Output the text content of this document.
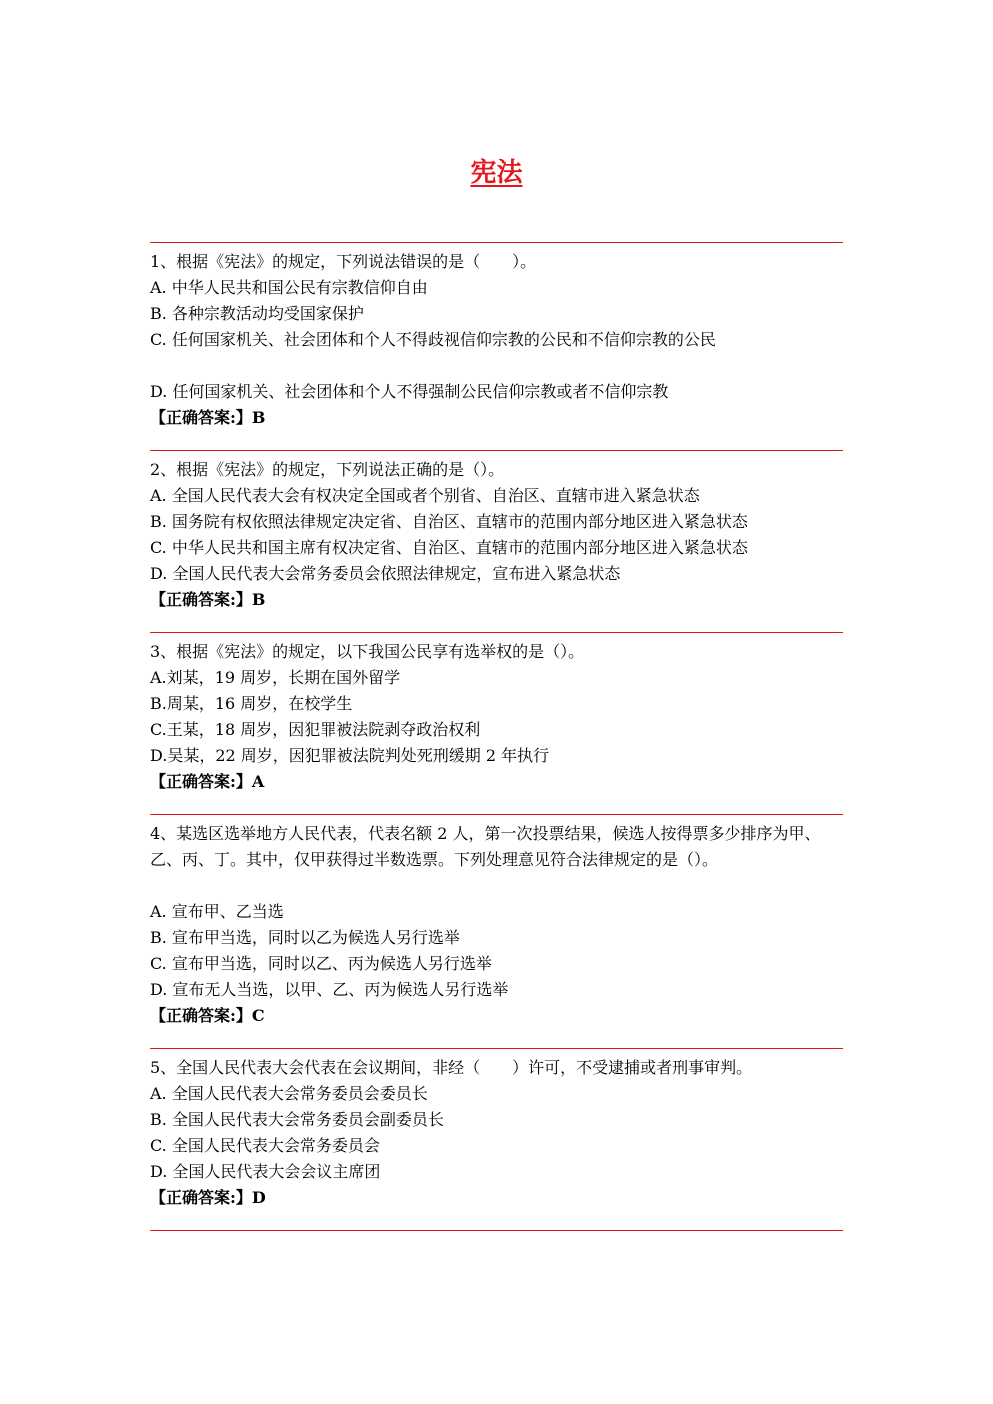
宪法
1、根据《宪法》的规定，下列说法错误的是（　　）。
A. 中华人民共和国公民有宗教信仰自由
B. 各种宗教活动均受国家保护
C. 任何国家机关、社会团体和个人不得歧视信仰宗教的公民和不信仰宗教的公民
D. 任何国家机关、社会团体和个人不得强制公民信仰宗教或者不信仰宗教
【正确答案:】B
2、根据《宪法》的规定，下列说法正确的是（）。
A. 全国人民代表大会有权决定全国或者个别省、自治区、直辖市进入紧急状态
B. 国务院有权依照法律规定决定省、自治区、直辖市的范围内部分地区进入紧急状态
C. 中华人民共和国主席有权决定省、自治区、直辖市的范围内部分地区进入紧急状态
D. 全国人民代表大会常务委员会依照法律规定，宣布进入紧急状态
【正确答案:】B
3、根据《宪法》的规定，以下我国公民享有选举权的是（）。
A.刘某，19 周岁，长期在国外留学
B.周某，16 周岁，在校学生
C.王某，18 周岁，因犯罪被法院剥夺政治权利
D.吴某，22 周岁，因犯罪被法院判处死刑缓期 2 年执行
【正确答案:】A
4、某选区选举地方人民代表，代表名额 2 人，第一次投票结果，候选人按得票多少排序为甲、乙、丙、丁。其中，仅甲获得过半数选票。下列处理意见符合法律规定的是（）。
A. 宣布甲、乙当选
B. 宣布甲当选，同时以乙为候选人另行选举
C. 宣布甲当选，同时以乙、丙为候选人另行选举
D. 宣布无人当选，以甲、乙、丙为候选人另行选举
【正确答案:】C
5、全国人民代表大会代表在会议期间，非经（　　）许可，不受逮捕或者刑事审判。
A. 全国人民代表大会常务委员会委员长
B. 全国人民代表大会常务委员会副委员长
C. 全国人民代表大会常务委员会
D. 全国人民代表大会会议主席团
【正确答案:】D
